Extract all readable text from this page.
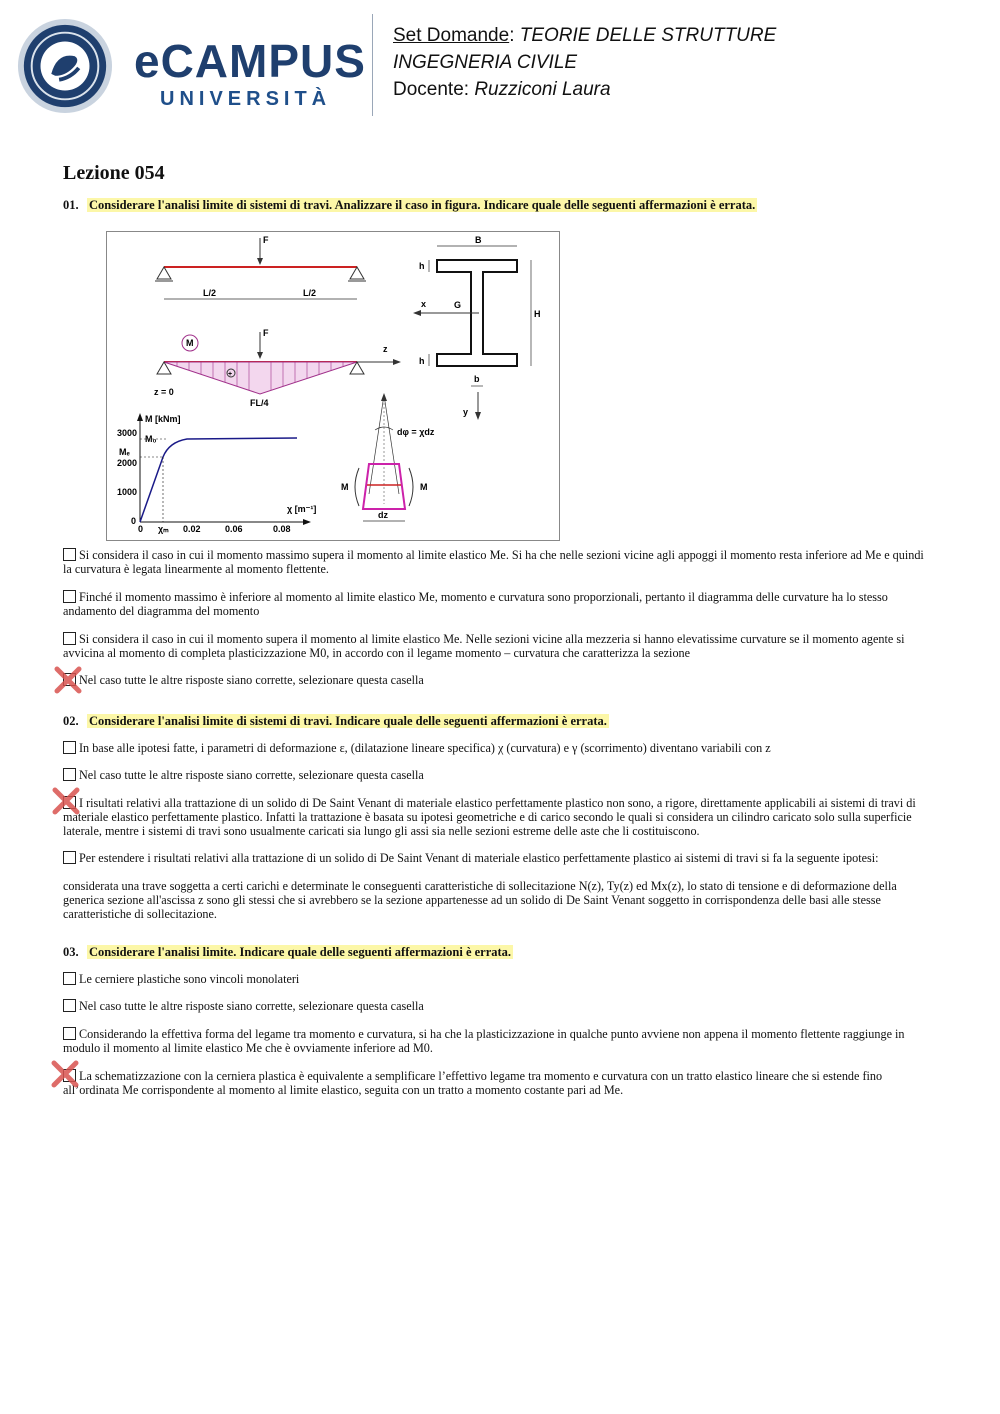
eCAMPUS
UNIVERSITÀ
Set Domande: TEORIE DELLE STRUTTURE
INGEGNERIA CIVILE
Docente: Ruzziconi Laura
Lezione 054
01. Considerare l'analisi limite di sistemi di travi. Analizzare il caso in figura. Indicare quale delle seguenti affermazioni è errata.
F
L/2	L/2
M
+
F
z
z = 0
FL/4
B
h
h
H
x	G
b
y
M [kNm]
M₀
Mₑ
3000
2000
1000
0
0 χₘ 0.02	0.06	0.08
χ [m⁻¹]
dφ = χdz
M	M
dz
Si considera il caso in cui il momento massimo supera il momento al limite elastico Me. Si ha che nelle sezioni vicine agli appoggi il momento resta inferiore ad Me e quindi la curvatura è legata linearmente al momento flettente.
Finché il momento massimo è inferiore al momento al limite elastico Me, momento e curvatura sono proporzionali, pertanto il diagramma delle curvature ha lo stesso andamento del diagramma del momento
Si considera il caso in cui il momento supera il momento al limite elastico Me. Nelle sezioni vicine alla mezzeria si hanno elevatissime curvature se il momento agente si avvicina al momento di completa plasticizzazione M0, in accordo con il legame momento – curvatura che caratterizza la sezione
Nel caso tutte le altre risposte siano corrette, selezionare questa casella
02. Considerare l'analisi limite di sistemi di travi. Indicare quale delle seguenti affermazioni è errata.
In base alle ipotesi fatte, i parametri di deformazione ε, (dilatazione lineare specifica) χ (curvatura) e γ (scorrimento) diventano variabili con z
Nel caso tutte le altre risposte siano corrette, selezionare questa casella
I risultati relativi alla trattazione di un solido di De Saint Venant di materiale elastico perfettamente plastico non sono, a rigore, direttamente applicabili ai sistemi di travi di materiale elastico perfettamente plastico. Infatti la trattazione è basata su ipotesi geometriche e di carico secondo le quali si considera un cilindro caricato solo sulla superficie laterale, mentre i sistemi di travi sono usualmente caricati sia lungo gli assi sia nelle sezioni estreme delle aste che li costituiscono.
Per estendere i risultati relativi alla trattazione di un solido di De Saint Venant di materiale elastico perfettamente plastico ai sistemi di travi si fa la seguente ipotesi:
considerata una trave soggetta a certi carichi e determinate le conseguenti caratteristiche di sollecitazione N(z), Ty(z) ed Mx(z), lo stato di tensione e di deformazione della generica sezione all'ascissa z sono gli stessi che si avrebbero se la sezione appartenesse ad un solido di De Saint Venant soggetto in corrispondenza delle basi alle stesse caratteristiche di sollecitazione.
03. Considerare l'analisi limite. Indicare quale delle seguenti affermazioni è errata.
Le cerniere plastiche sono vincoli monolateri
Nel caso tutte le altre risposte siano corrette, selezionare questa casella
Considerando la effettiva forma del legame tra momento e curvatura, si ha che la plasticizzazione in qualche punto avviene non appena il momento flettente raggiunge in modulo il momento al limite elastico Me che è ovviamente inferiore ad M0.
La schematizzazione con la cerniera plastica è equivalente a semplificare l’effettivo legame tra momento e curvatura con un tratto elastico lineare che si estende fino all’ordinata Me corrispondente al momento al limite elastico, seguita con un tratto a momento costante pari ad Me.
